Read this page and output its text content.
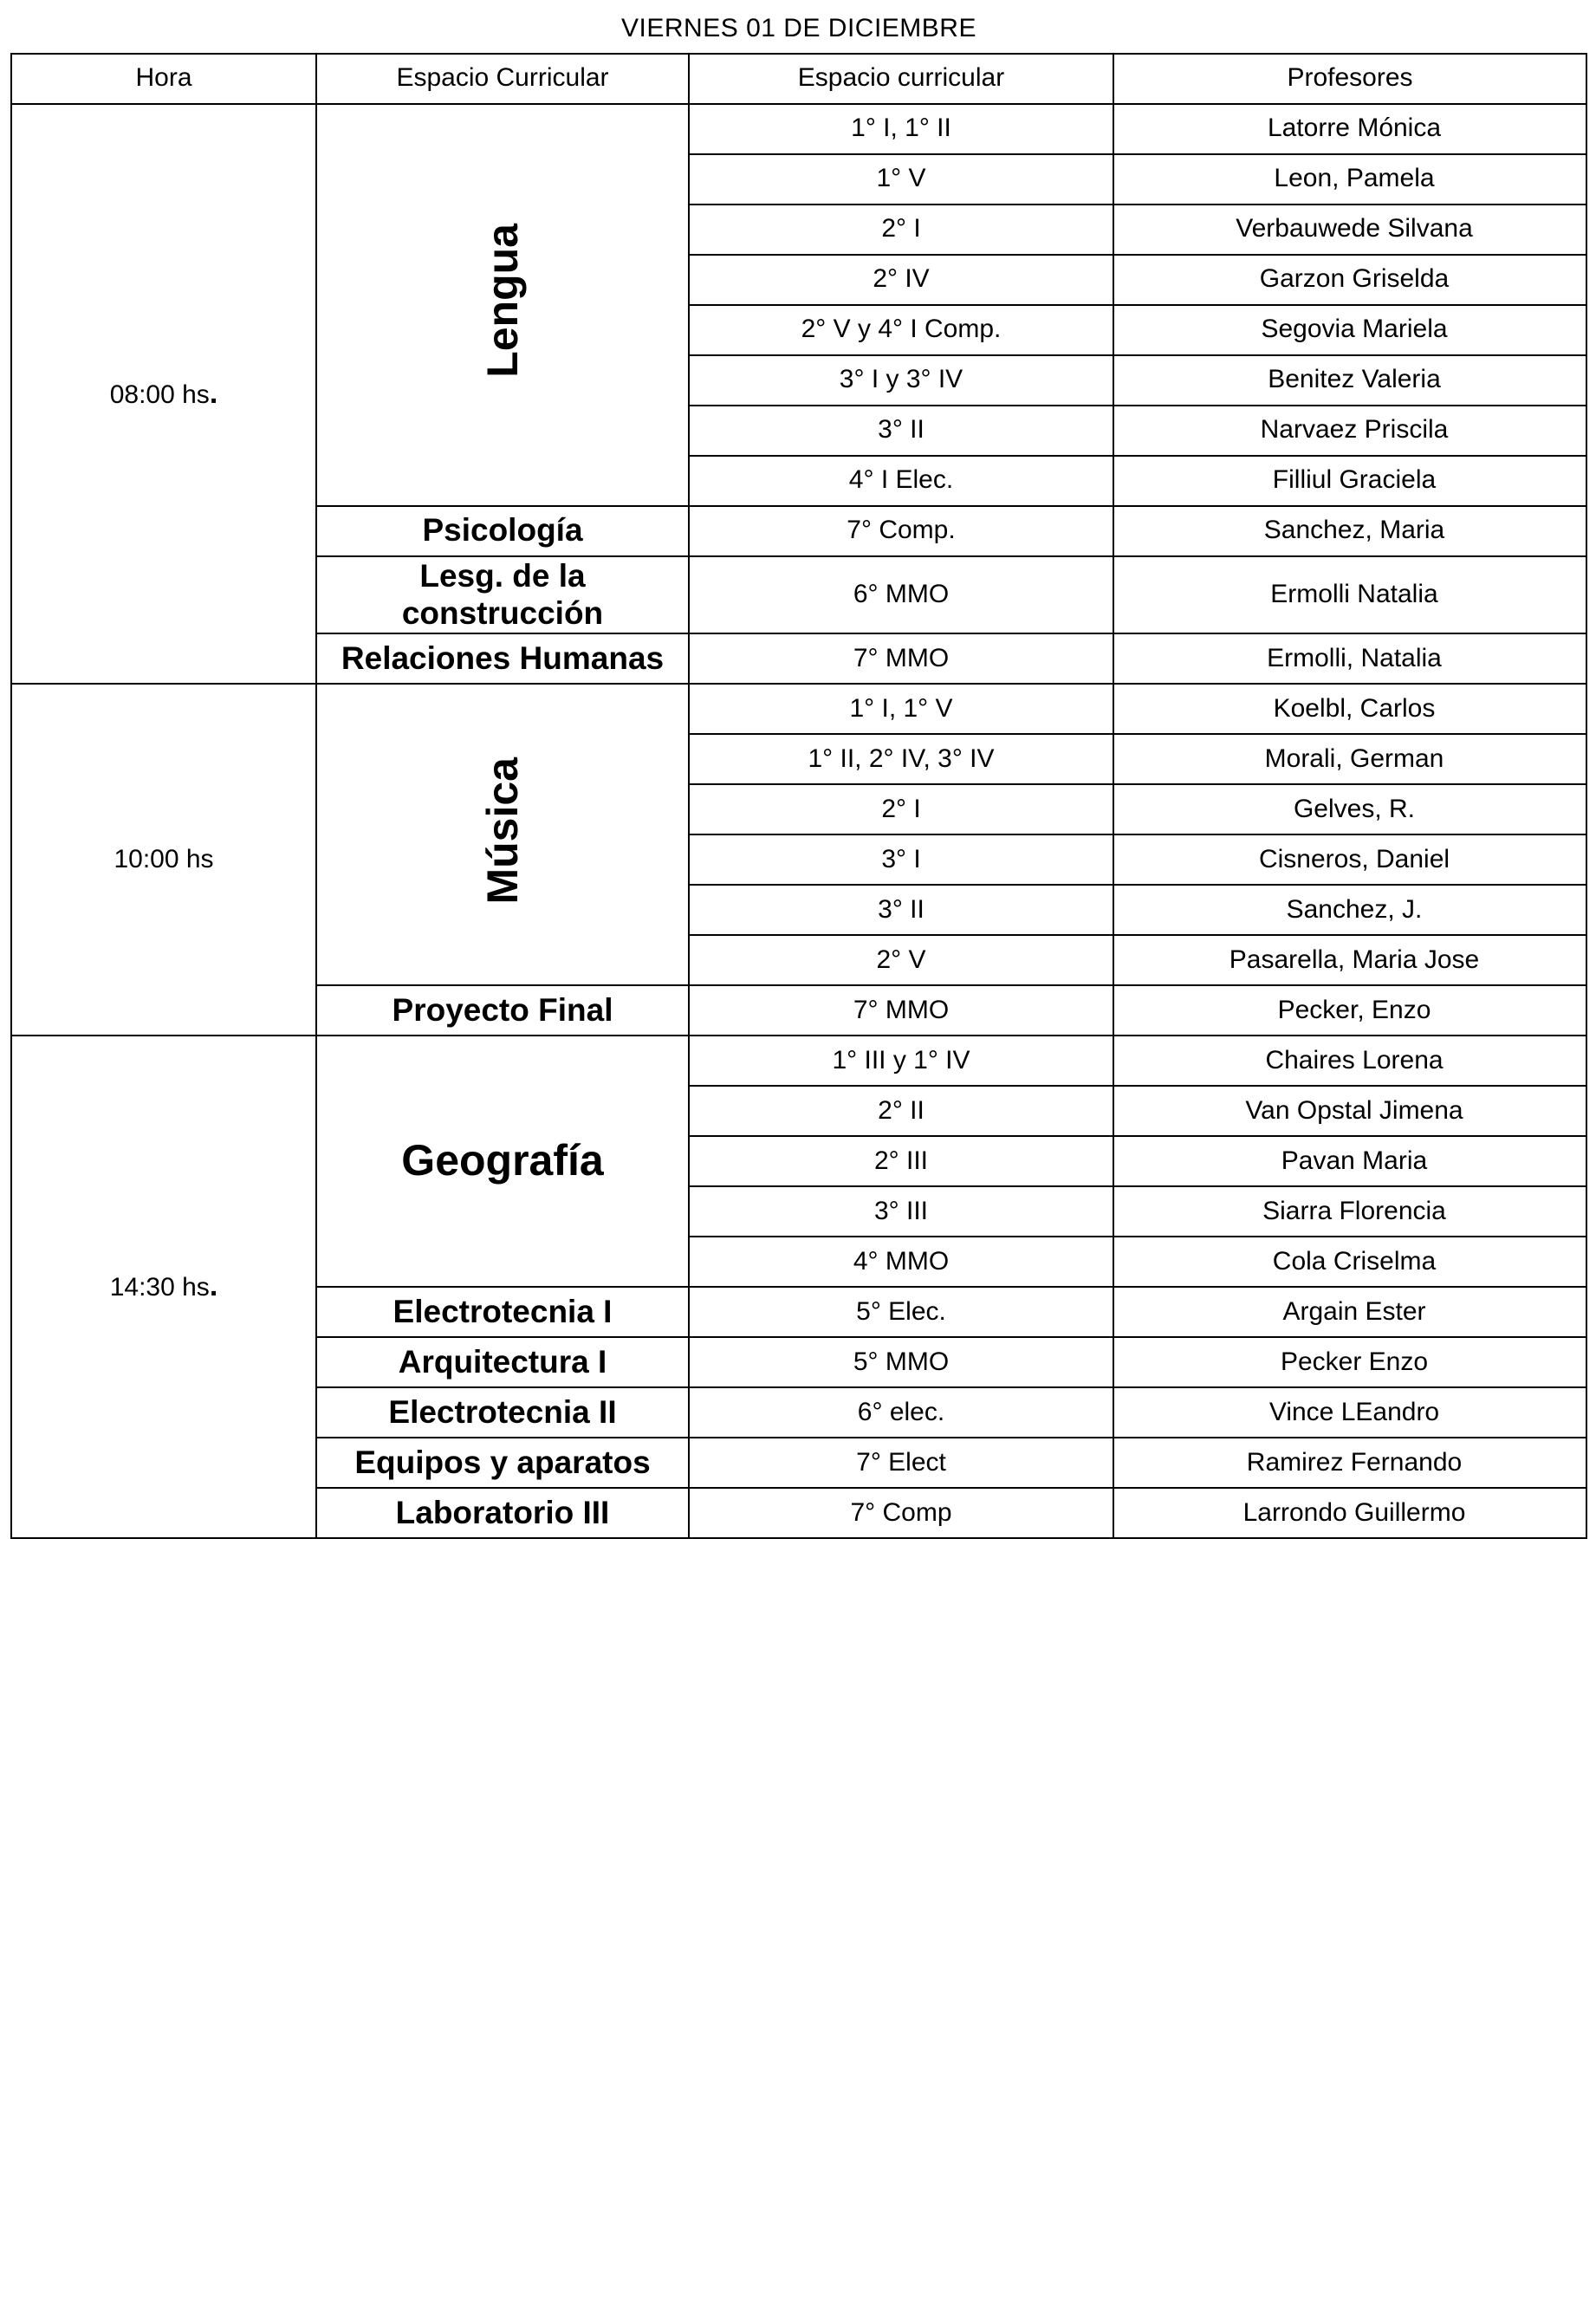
VIERNES 01 DE DICIEMBRE			
Hora	Espacio Curricular	Espacio curricular	Profesores
08:00 hs.	Lengua	1° I, 1° II	Latorre Mónica
		1° V	Leon, Pamela
		2° I	Verbauwede Silvana
		2° IV	Garzon Griselda
		2° V y 4° I Comp.	Segovia Mariela
		3° I y 3° IV	Benitez Valeria
		3° II	Narvaez Priscila
		4° I Elec.	Filliul Graciela
	Psicología	7° Comp.	Sanchez, Maria
	Lesg. de la construcción	6° MMO	Ermolli Natalia
	Relaciones Humanas	7° MMO	Ermolli, Natalia
10:00 hs	Música	1° I, 1° V	Koelbl, Carlos
		1° II, 2° IV, 3° IV	Morali, German
		2° I	Gelves, R.
		3° I	Cisneros, Daniel
		3° II	Sanchez, J.
		2° V	Pasarella, Maria Jose
	Proyecto Final	7° MMO	Pecker, Enzo
14:30 hs.	Geografía	1° III y 1° IV	Chaires Lorena
		2° II	Van Opstal Jimena
		2° III	Pavan Maria
		3° III	Siarra Florencia
		4° MMO	Cola Criselma
	Electrotecnia I	5° Elec.	Argain Ester
	Arquitectura I	5° MMO	Pecker Enzo
	Electrotecnia II	6° elec.	Vince LEandro
	Equipos y aparatos	7° Elect	Ramirez Fernando
	Laboratorio III	7° Comp	Larrondo Guillermo
